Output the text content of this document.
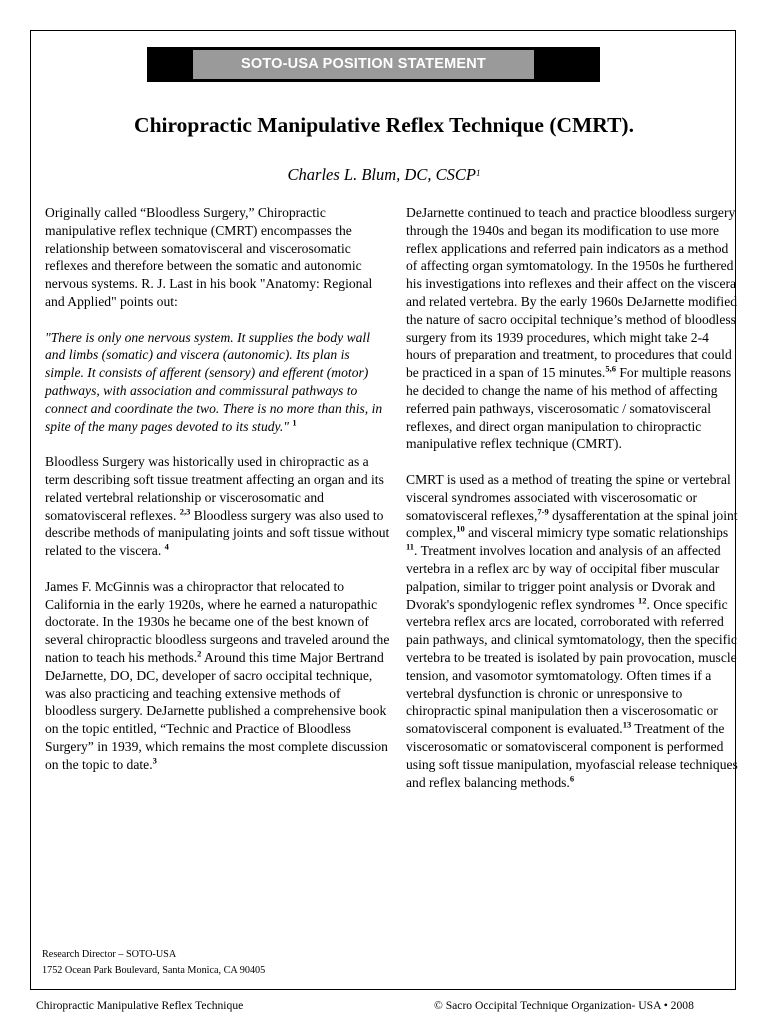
SOTO-USA POSITION STATEMENT
Chiropractic Manipulative Reflex Technique (CMRT).
Charles L. Blum, DC, CSCP$^1$

Originally called “Bloodless Surgery,” Chiropractic manipulative reflex technique (CMRT) encompasses the relationship between somatovisceral and viscerosomatic reflexes and therefore between the somatic and autonomic nervous systems. R. J. Last in his book "Anatomy: Regional and Applied" points out:

"There is only one nervous system. It supplies the body wall and limbs (somatic) and viscera (autonomic). Its plan is simple. It consists of afferent (sensory) and efferent (motor) pathways, with association and commissural pathways to connect and coordinate the two. There is no more than this, in spite of the many pages devoted to its study." $^1$

Bloodless Surgery was historically used in chiropractic as a term describing soft tissue treatment affecting an organ and its related vertebral relationship or viscerosomatic and somatovisceral reflexes. $^{2,3}$ Bloodless surgery was also used to describe methods of manipulating joints and soft tissue without related to the viscera. $^4$

James F. McGinnis was a chiropractor that relocated to California in the early 1920s, where he earned a naturopathic doctorate. In the 1930s he became one of the best known of several chiropractic bloodless surgeons and traveled around the nation to teach his methods.$^2$ Around this time Major Bertrand DeJarnette, DO, DC, developer of sacro occipital technique, was also practicing and teaching extensive methods of bloodless surgery. DeJarnette published a comprehensive book on the topic entitled, “Technic and Practice of Bloodless Surgery” in 1939, which remains the most complete discussion on the topic to date.$^3$

DeJarnette continued to teach and practice bloodless surgery through the 1940s and began its modification to use more reflex applications and referred pain indicators as a method of affecting organ symtomatology. In the 1950s he furthered his investigations into reflexes and their affect on the viscera and related vertebra. By the early 1960s DeJarnette modified the nature of sacro occipital technique’s method of bloodless surgery from its 1939 procedures, which might take 2-4 hours of preparation and treatment, to procedures that could be practiced in a span of 15 minutes.$^{5,6}$ For multiple reasons he decided to change the name of his method of affecting referred pain pathways, viscerosomatic / somatovisceral reflexes, and direct organ manipulation to chiropractic manipulative reflex technique (CMRT).

CMRT is used as a method of treating the spine or vertebral visceral syndromes associated with viscerosomatic or somatovisceral reflexes,$^{7-9}$ dysafferentation at the spinal joint complex,$^{10}$ and visceral mimicry type somatic relationships $^{11}$. Treatment involves location and analysis of an affected vertebra in a reflex arc by way of occipital fiber muscular palpation, similar to trigger point analysis or Dvorak and Dvorak's spondylogenic reflex syndromes $^{12}$. Once specific vertebra reflex arcs are located, corroborated with referred pain pathways, and clinical symtomatology, then the specific vertebra to be treated is isolated by pain provocation, muscle tension, and vasomotor symtomatology. Often times if a vertebral dysfunction is chronic or unresponsive to chiropractic spinal manipulation then a viscerosomatic or somatovisceral component is evaluated.$^{13}$ Treatment of the viscerosomatic or somatovisceral component is performed using soft tissue manipulation, myofascial release techniques and reflex balancing methods.$^6$

Research Director – SOTO-USA
1752 Ocean Park Boulevard, Santa Monica, CA 90405
Chiropractic Manipulative Reflex Technique	© Sacro Occipital Technique Organization- USA • 2008
